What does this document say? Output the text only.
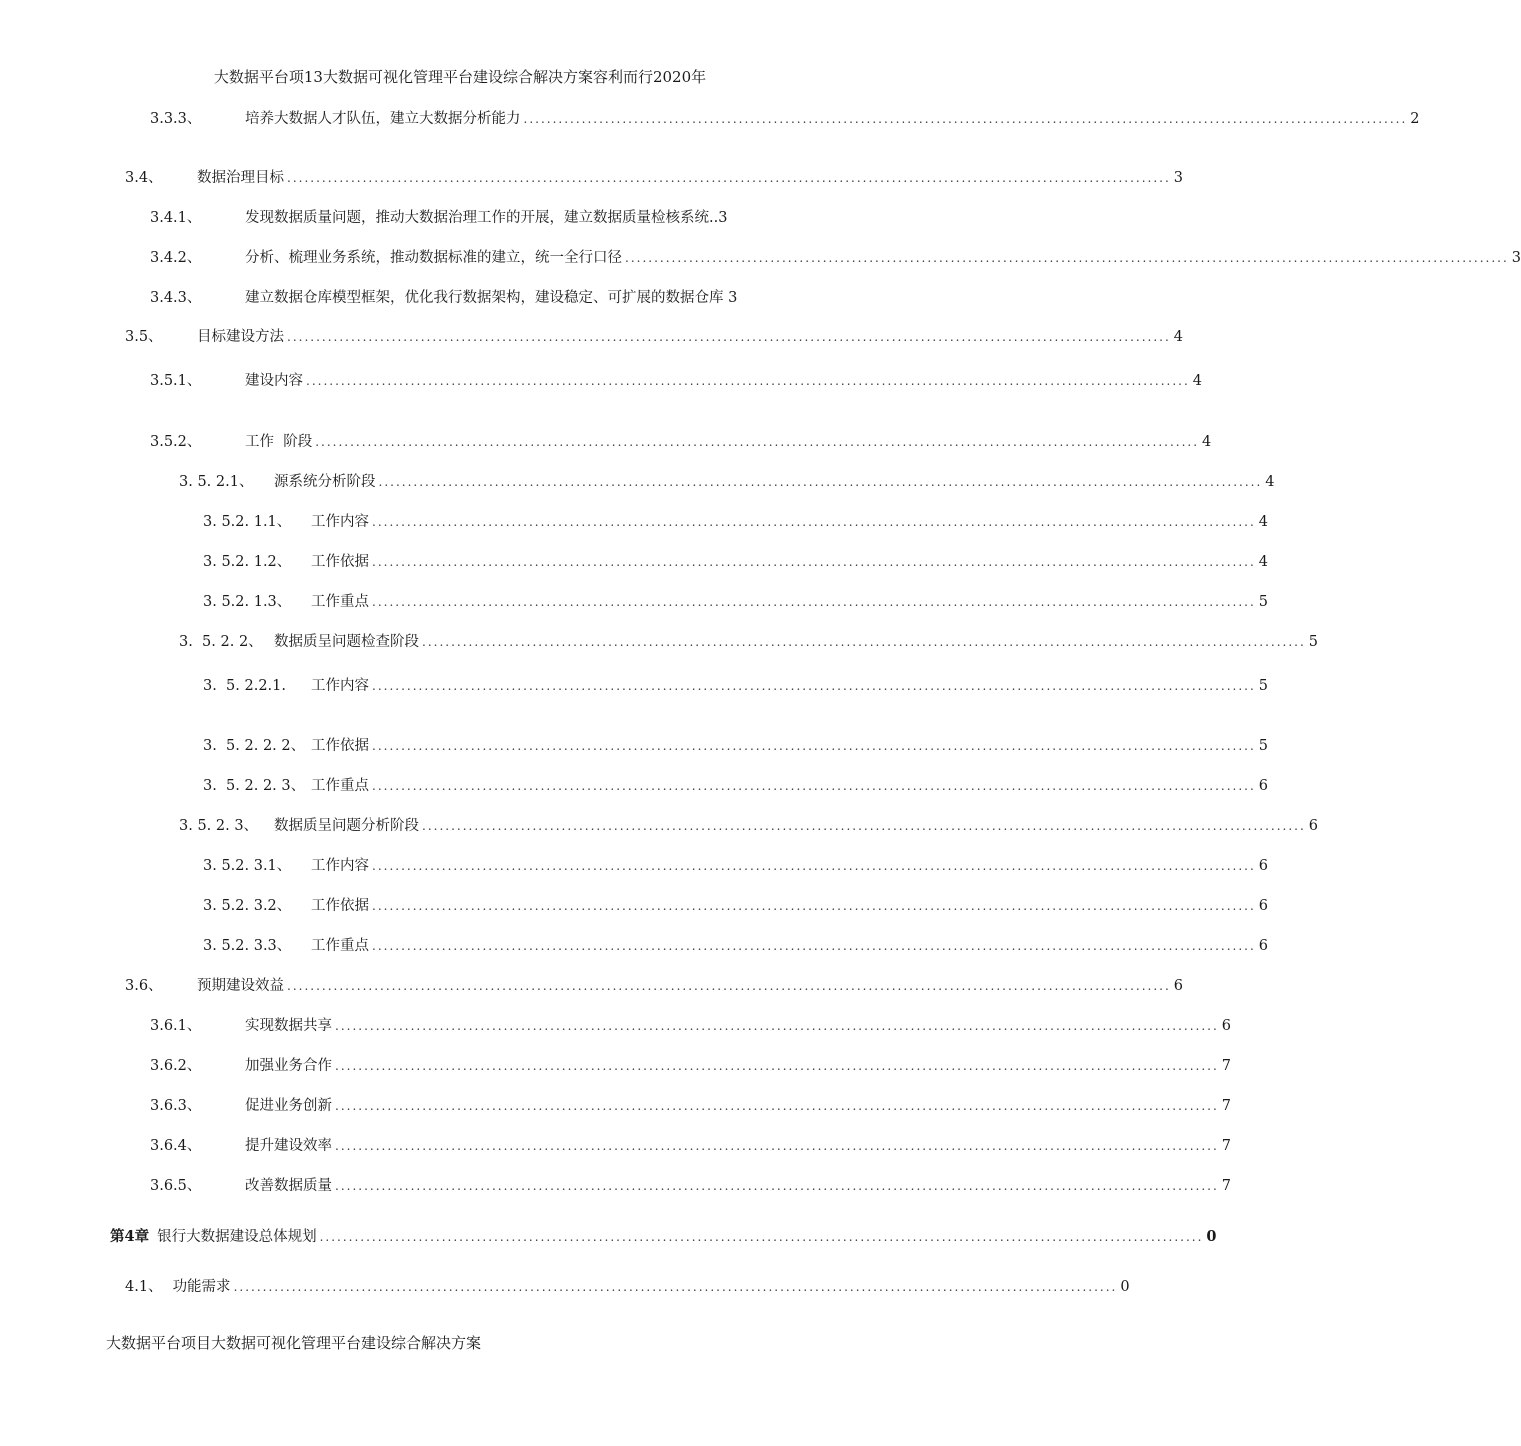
大数据平台项13大数据可视化管理平台建设综合解决方案容利而行2020年
3.3.3、	培养大数据人才队伍，建立大数据分析能力 ........................................................................................................................................................ 2
3.4、	数据治理目标 ........................................................................................................................................................ 3
3.4.1、	发现数据质量问题，推动大数据治理工作的开展，建立数据质量检核系统..3
3.4.2、	分析、梳理业务系统，推动数据标准的建立，统一全行口径 ........................................................................................................................................................ 3
3.4.3、	建立数据仓库模型框架，优化我行数据架构，建设稳定、可扩展的数据仓库 3
3.5、	目标建设方法 ........................................................................................................................................................ 4
3.5.1、	建设内容 ........................................................................................................................................................ 4
3.5.2、	工作  阶段 ........................................................................................................................................................ 4
3. 5. 2.1、	源系统分析阶段 ........................................................................................................................................................ 4
3. 5.2. 1.1、	工作内容 ........................................................................................................................................................ 4
3. 5.2. 1.2、	工作依据 ........................................................................................................................................................ 4
3. 5.2. 1.3、	工作重点 ........................................................................................................................................................ 5
3.  5. 2. 2、 数据质呈问题检查阶段 ........................................................................................................................................................ 5
3.  5. 2.2.1.	工作内容 ........................................................................................................................................................ 5
3.  5. 2. 2. 2、 工作依据 ........................................................................................................................................................ 5
3.  5. 2. 2. 3、 工作重点 ........................................................................................................................................................ 6
3. 5. 2. 3、	数据质呈问题分析阶段 ........................................................................................................................................................ 6
3. 5.2. 3.1、	工作内容 ........................................................................................................................................................ 6
3. 5.2. 3.2、	工作依据 ........................................................................................................................................................ 6
3. 5.2. 3.3、	工作重点 ........................................................................................................................................................ 6
3.6、	预期建设效益 ........................................................................................................................................................ 6
3.6.1、	实现数据共享 ........................................................................................................................................................ 6
3.6.2、	加强业务合作 ........................................................................................................................................................ 7
3.6.3、	促进业务创新 ........................................................................................................................................................ 7
3.6.4、	提升建设效率 ........................................................................................................................................................ 7
3.6.5、	改善数据质量 ........................................................................................................................................................ 7
第4章 银行大数据建设总体规划 ........................................................................................................................................................ 0
4.1、 功能需求 ........................................................................................................................................................ 0
大数据平台项目大数据可视化管理平台建设综合解决方案
